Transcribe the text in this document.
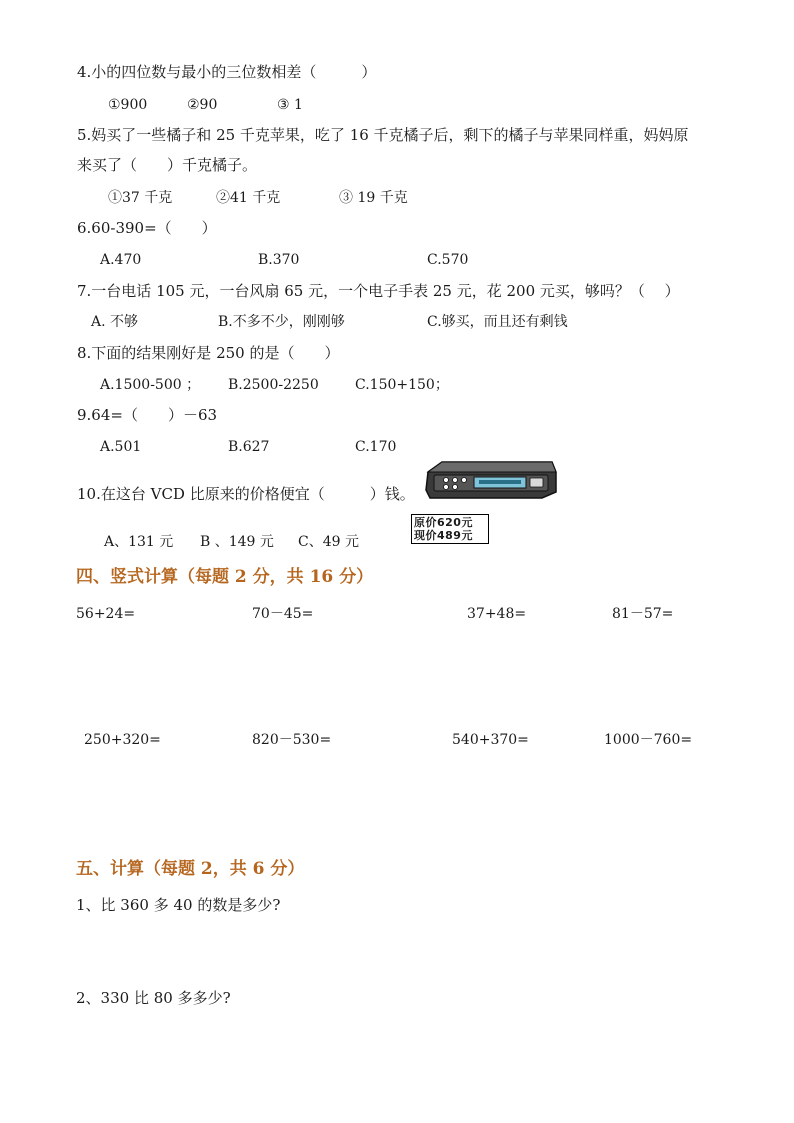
4.小的四位数与最小的三位数相差（　　　）
①900	②90	③ 1
5.妈买了一些橘子和 25 千克苹果，吃了 16 千克橘子后，剩下的橘子与苹果同样重，妈妈原
来买了（　　）千克橘子。
①37 千克	②41 千克	③ 19 千克
6.60-390=（　　）
A.470	B.370	C.570
7.一台电话 105 元，一台风扇 65 元，一个电子手表 25 元，花 200 元买，够吗？（　 ）
A. 不够	B.不多不少，刚刚够	C.够买，而且还有剩钱
8.下面的结果刚好是 250 的是（　　）
A.1500-500 ； B.2500-2250	C.150+150；
9.64=（　　）－63
A.501	B.627	C.170
10.在这台 VCD 比原来的价格便宜（　　　）钱。
原价620元
现价489元
A、131 元 B 、149 元 C、49 元
四、竖式计算（每题 2 分，共 16 分）
56+24=	70－45=	37+48=	81－57=
250+320=	820－530=	540+370=	1000－760=
五、计算（每题 2，共 6 分）
1、比 360 多 40 的数是多少?
2、330 比 80 多多少?
